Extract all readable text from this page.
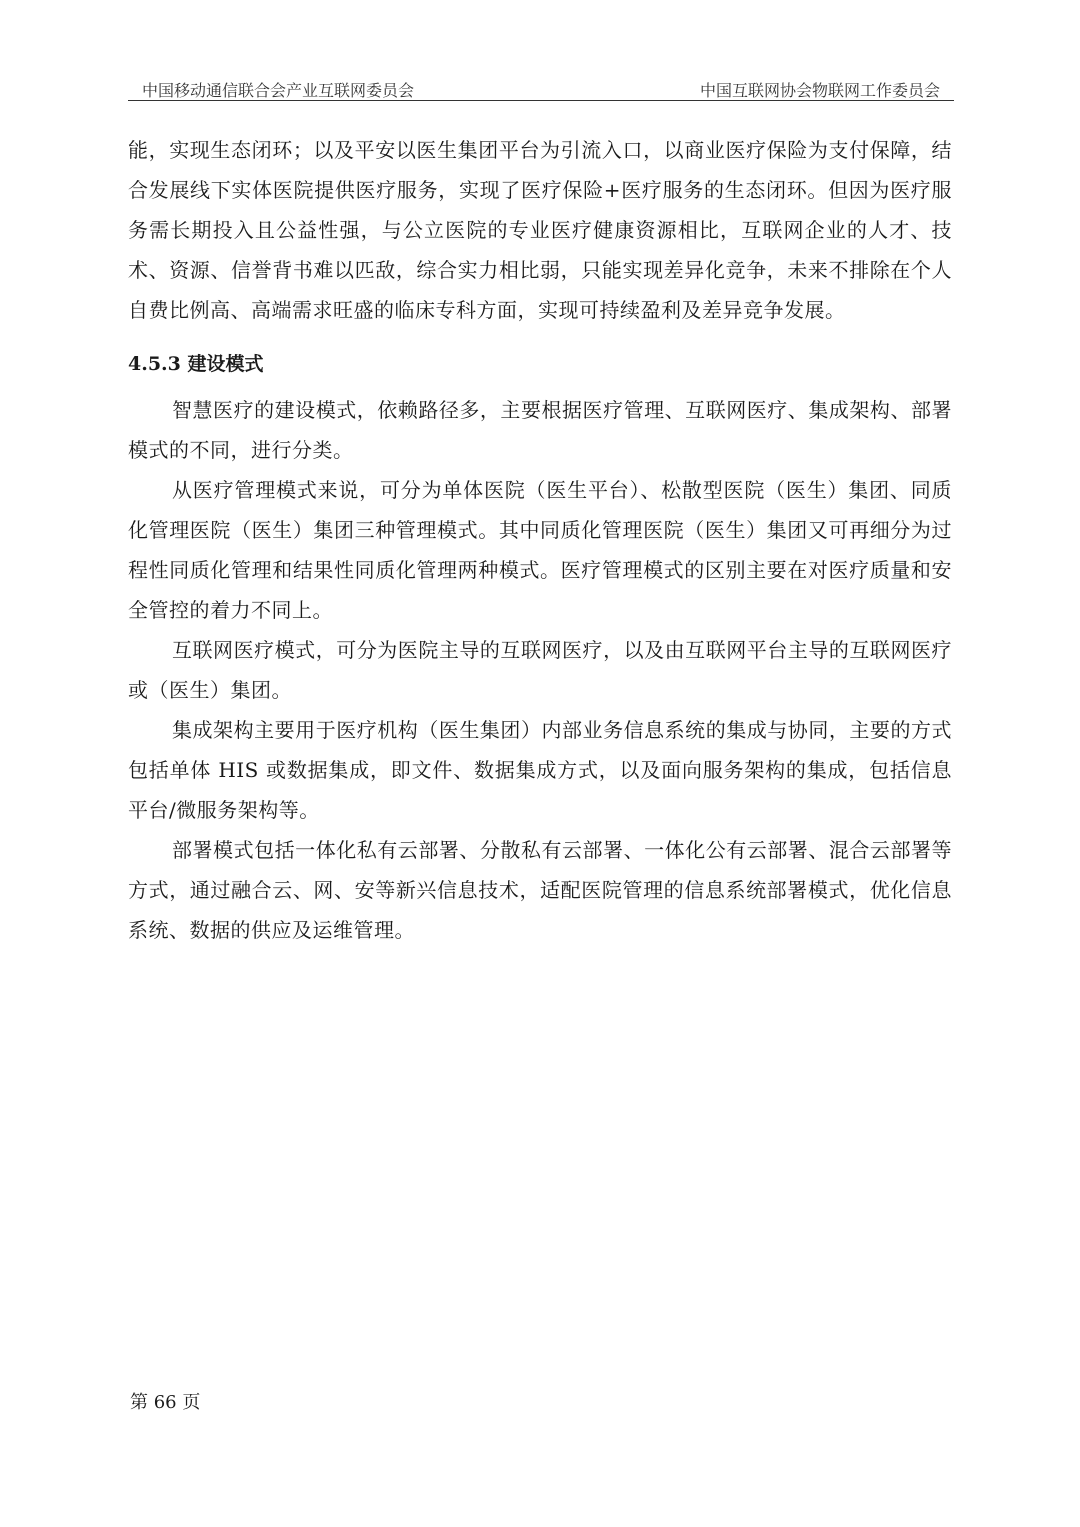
中国移动通信联合会产业互联网委员会	中国互联网协会物联网工作委员会

能，实现生态闭环；以及平安以医生集团平台为引流入口，以商业医疗保险为支付保障，结合发展线下实体医院提供医疗服务，实现了医疗保险+医疗服务的生态闭环。但因为医疗服务需长期投入且公益性强，与公立医院的专业医疗健康资源相比，互联网企业的人才、技术、资源、信誉背书难以匹敌，综合实力相比弱，只能实现差异化竞争，未来不排除在个人自费比例高、高端需求旺盛的临床专科方面，实现可持续盈利及差异竞争发展。

4.5.3 建设模式

智慧医疗的建设模式，依赖路径多，主要根据医疗管理、互联网医疗、集成架构、部署模式的不同，进行分类。

从医疗管理模式来说，可分为单体医院（医生平台）、松散型医院（医生）集团、同质化管理医院（医生）集团三种管理模式。其中同质化管理医院（医生）集团又可再细分为过程性同质化管理和结果性同质化管理两种模式。医疗管理模式的区别主要在对医疗质量和安全管控的着力不同上。

互联网医疗模式，可分为医院主导的互联网医疗，以及由互联网平台主导的互联网医疗或（医生）集团。

集成架构主要用于医疗机构（医生集团）内部业务信息系统的集成与协同，主要的方式包括单体 HIS 或数据集成，即文件、数据集成方式，以及面向服务架构的集成，包括信息平台/微服务架构等。

部署模式包括一体化私有云部署、分散私有云部署、一体化公有云部署、混合云部署等方式，通过融合云、网、安等新兴信息技术，适配医院管理的信息系统部署模式，优化信息系统、数据的供应及运维管理。

第 66 页
